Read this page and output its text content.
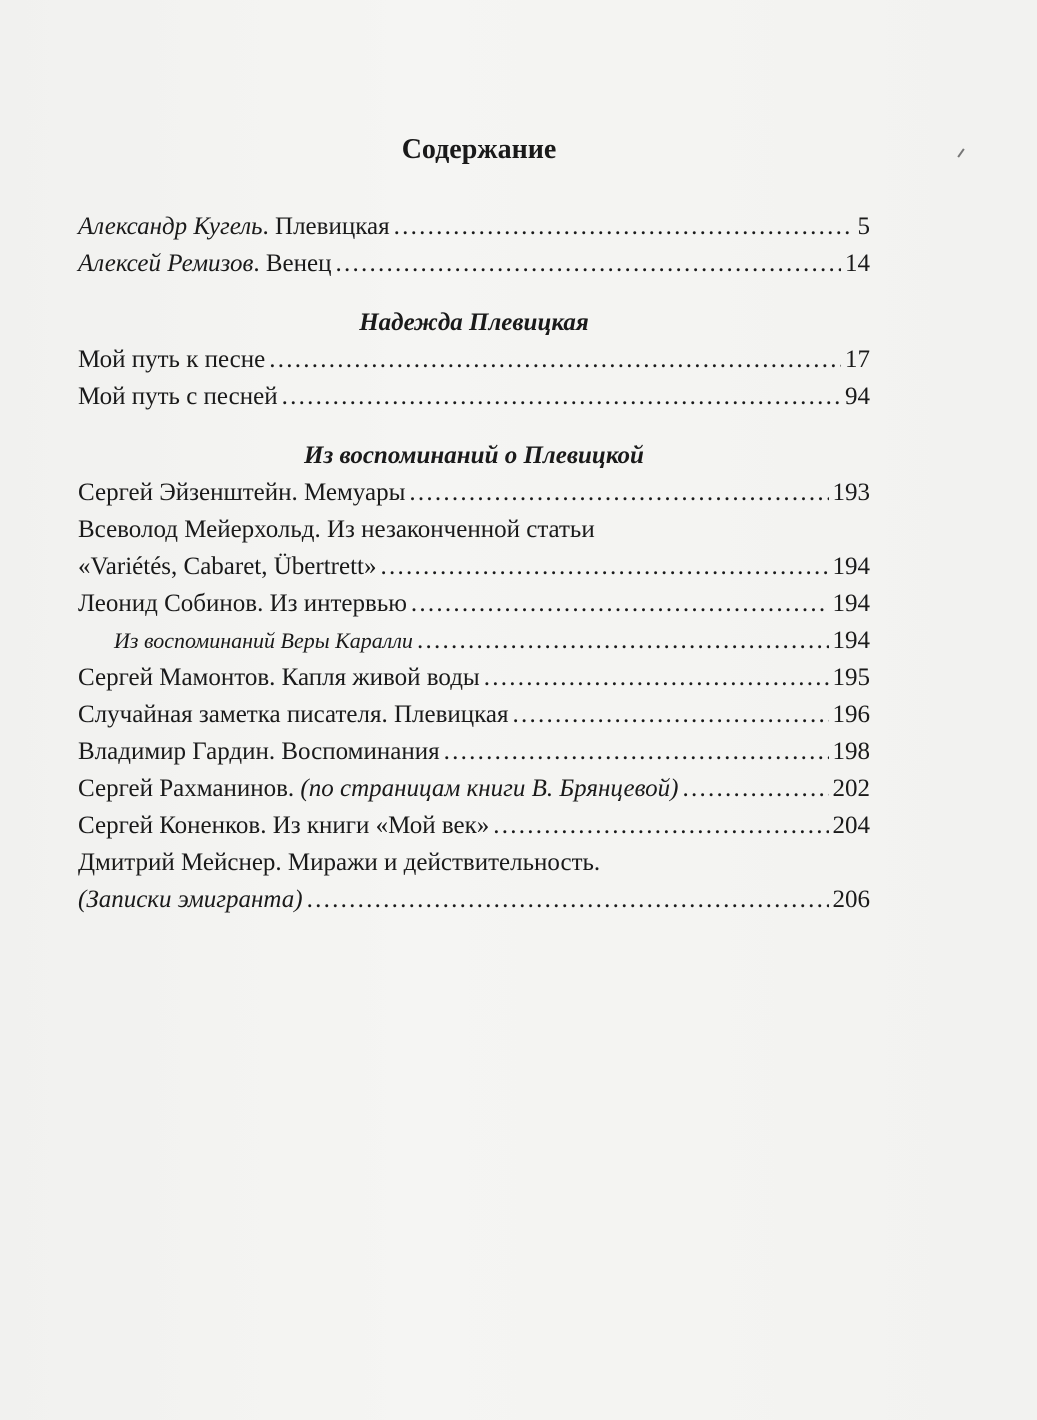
Содержание
Александр Кугель. Плевицкая . . .	5
Алексей Ремизов. Венец . . .	14
Надежда Плевицкая
Мой путь к песне . . .	17
Мой путь с песней . . .	94
Из воспоминаний о Плевицкой
Сергей Эйзенштейн. Мемуары . . .	193
Всеволод Мейерхольд. Из незаконченной статьи
«Variétés, Cabaret, Übertrett» . . .	194
Леонид Собинов. Из интервью . . .	194
Из воспоминаний Веры Каралли . . .	194
Сергей Мамонтов. Капля живой воды . . .	195
Случайная заметка писателя. Плевицкая . . .	196
Владимир Гардин. Воспоминания . . .	198
Сергей Рахманинов. (по страницам книги В. Брянцевой) . . .	202
Сергей Коненков. Из книги «Мой век» . . .	204
Дмитрий Мейснер. Миражи и действительность.
(Записки эмигранта) . . .	206
